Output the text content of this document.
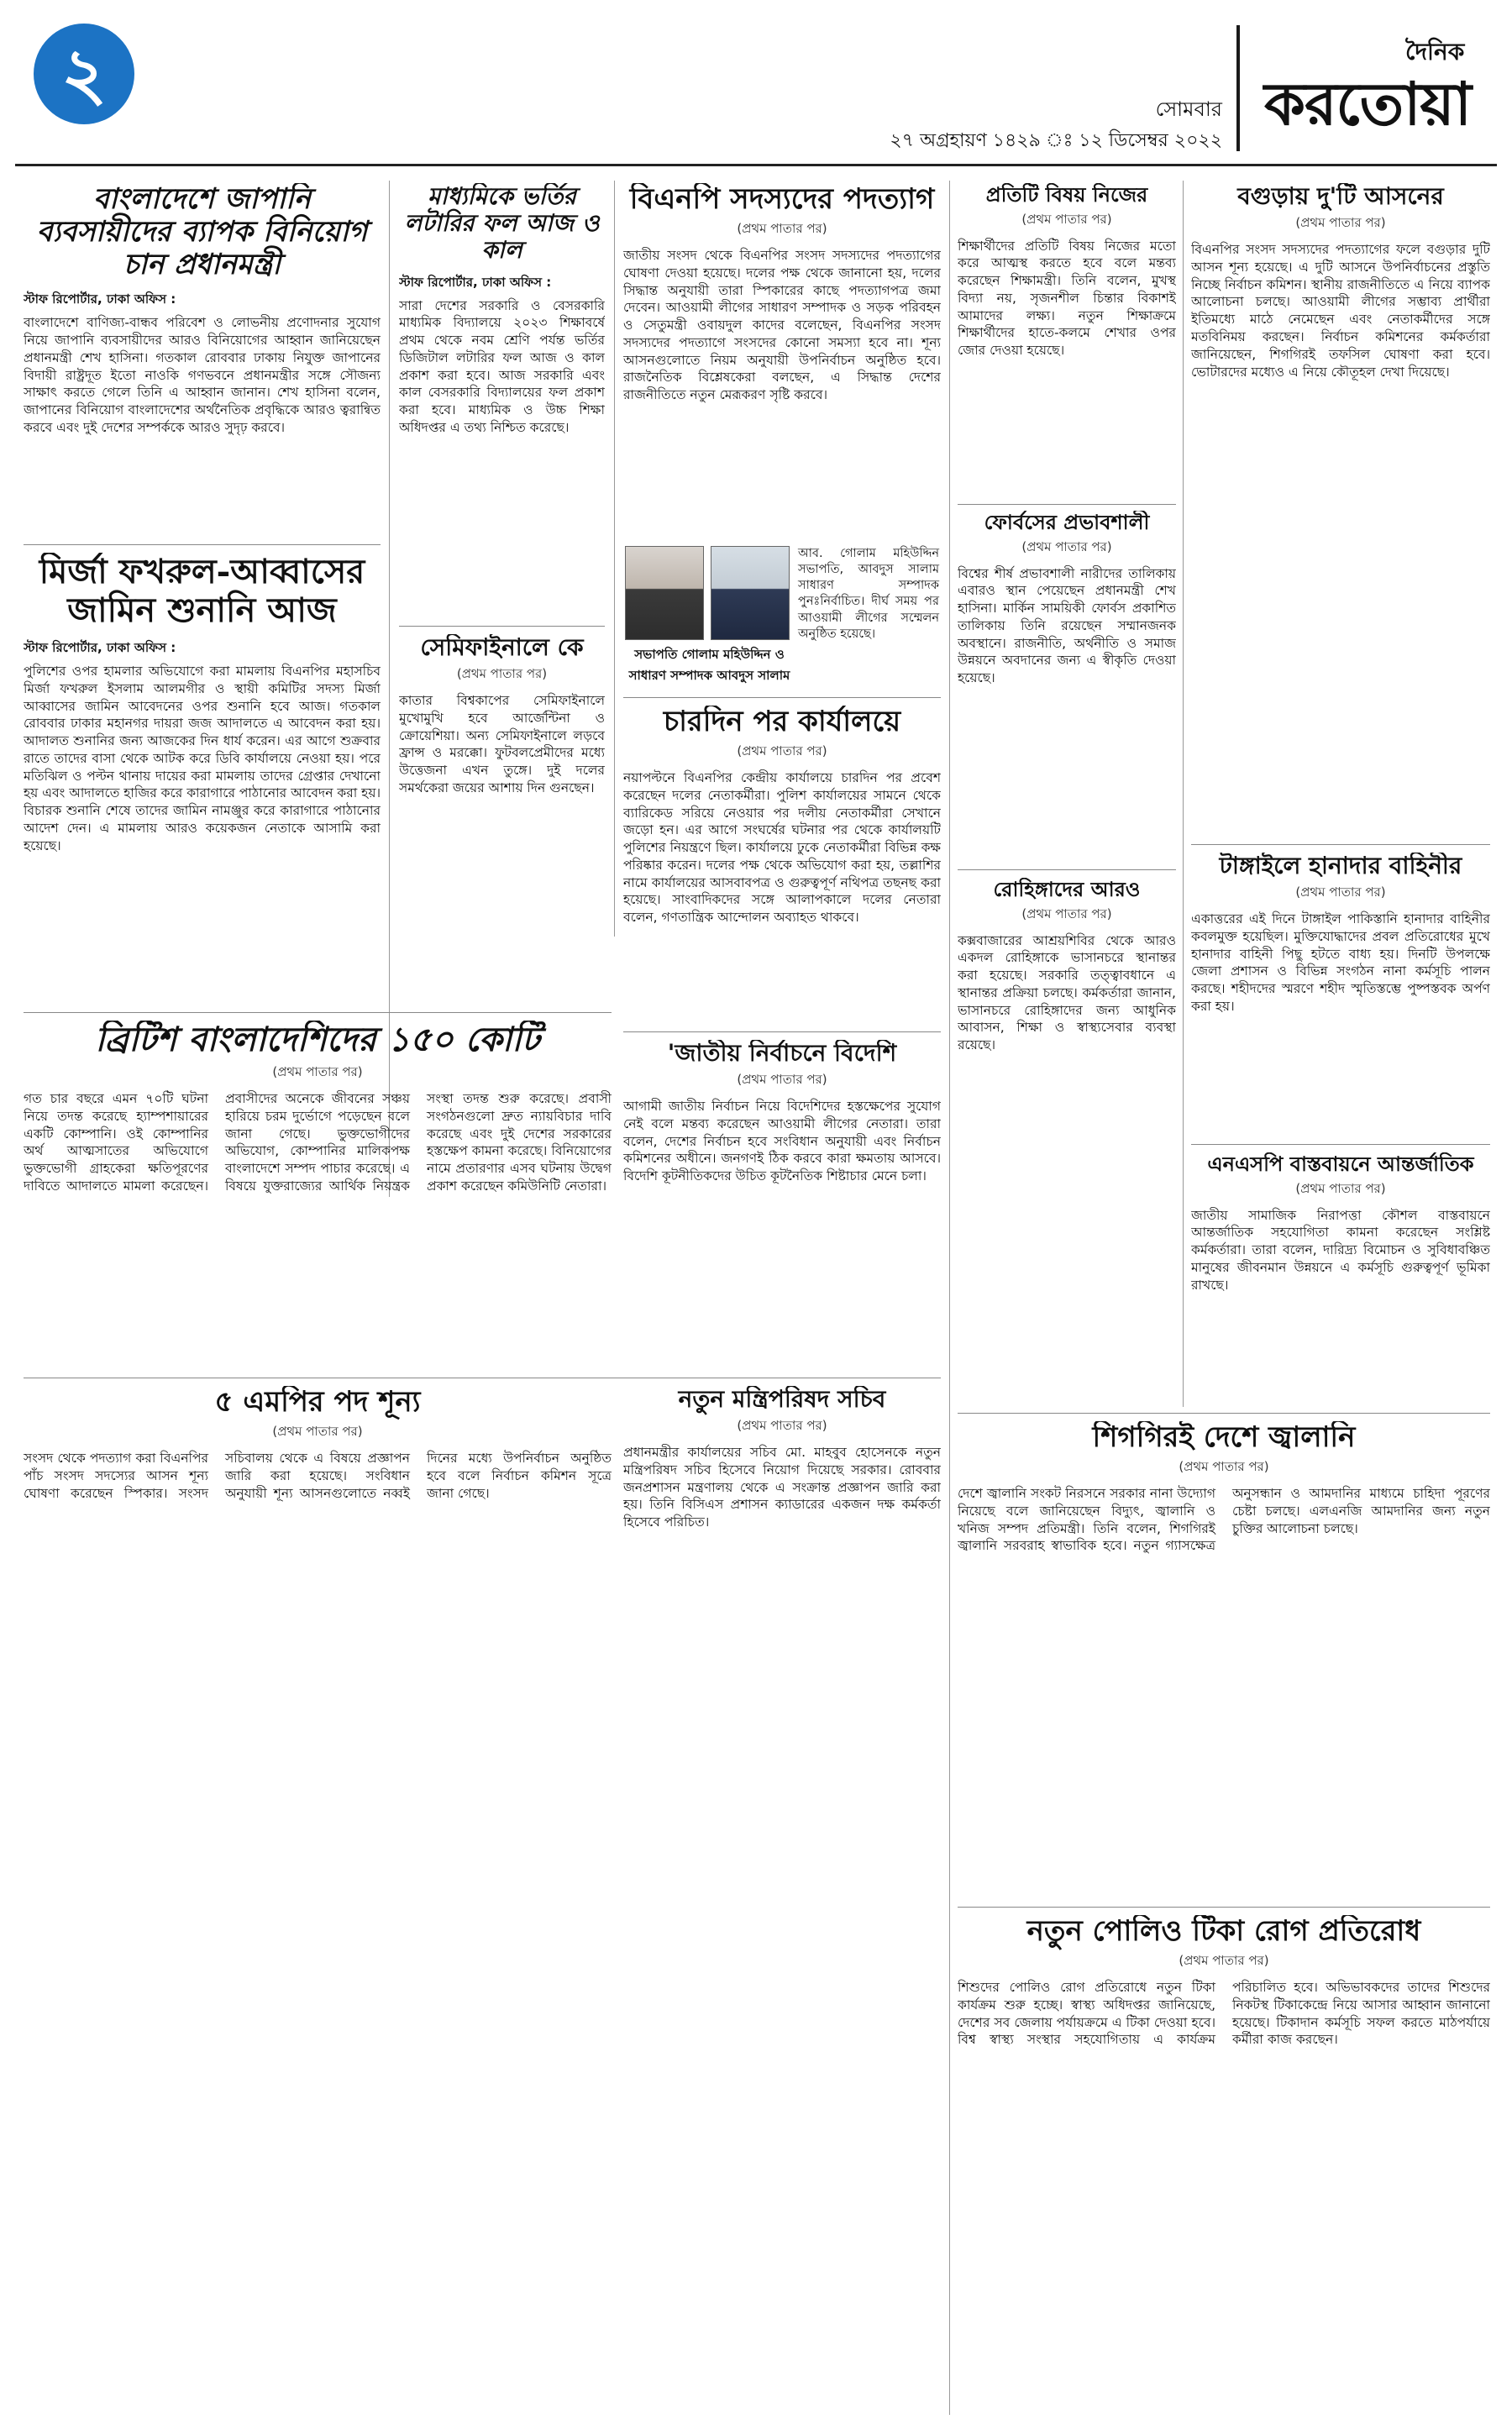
২	সোমবার
২৭ অগ্রহায়ণ ১৪২৯ ঃ ১২ ডিসেম্বর ২০২২
দৈনিক
করতোয়া
বাংলাদেশে জাপানি ব্যবসায়ীদের ব্যাপক বিনিয়োগ চান প্রধানমন্ত্রী
স্টাফ রিপোর্টার, ঢাকা অফিস :
বাংলাদেশে বাণিজ্য-বান্ধব পরিবেশ ও লোভনীয় প্রণোদনার সুযোগ নিয়ে জাপানি ব্যবসায়ীদের আরও বিনিয়োগের আহ্বান জানিয়েছেন প্রধানমন্ত্রী শেখ হাসিনা। গতকাল রোববার ঢাকায় নিযুক্ত জাপানের বিদায়ী রাষ্ট্রদূত ইতো নাওকি গণভবনে প্রধানমন্ত্রীর সঙ্গে সৌজন্য সাক্ষাৎ করতে গেলে তিনি এ আহ্বান জানান। শেখ হাসিনা বলেন, জাপানের বিনিয়োগ বাংলাদেশের অর্থনৈতিক প্রবৃদ্ধিকে আরও ত্বরান্বিত করবে এবং দুই দেশের সম্পর্ককে আরও সুদৃঢ় করবে।
মির্জা ফখরুল-আব্বাসের জামিন শুনানি আজ
স্টাফ রিপোর্টার, ঢাকা অফিস :
পুলিশের ওপর হামলার অভিযোগে করা মামলায় বিএনপির মহাসচিব মির্জা ফখরুল ইসলাম আলমগীর ও স্থায়ী কমিটির সদস্য মির্জা আব্বাসের জামিন আবেদনের ওপর শুনানি হবে আজ। গতকাল রোববার ঢাকার মহানগর দায়রা জজ আদালতে এ আবেদন করা হয়। আদালত শুনানির জন্য আজকের দিন ধার্য করেন। এর আগে শুক্রবার রাতে তাদের বাসা থেকে আটক করে ডিবি কার্যালয়ে নেওয়া হয়। পরে মতিঝিল ও পল্টন থানায় দায়ের করা মামলায় তাদের গ্রেপ্তার দেখানো হয় এবং আদালতে হাজির করে কারাগারে পাঠানোর আবেদন করা হয়। বিচারক শুনানি শেষে তাদের জামিন নামঞ্জুর করে কারাগারে পাঠানোর আদেশ দেন। এ মামলায় আরও কয়েকজন নেতাকে আসামি করা হয়েছে।
মাধ্যমিকে ভর্তির লটারির ফল আজ ও কাল
স্টাফ রিপোর্টার, ঢাকা অফিস :
সারা দেশের সরকারি ও বেসরকারি মাধ্যমিক বিদ্যালয়ে ২০২৩ শিক্ষাবর্ষে প্রথম থেকে নবম শ্রেণি পর্যন্ত ভর্তির ডিজিটাল লটারির ফল আজ ও কাল প্রকাশ করা হবে। আজ সরকারি এবং কাল বেসরকারি বিদ্যালয়ের ফল প্রকাশ করা হবে। মাধ্যমিক ও উচ্চ শিক্ষা অধিদপ্তর এ তথ্য নিশ্চিত করেছে।
সেমিফাইনালে কে
(প্রথম পাতার পর)
কাতার বিশ্বকাপের সেমিফাইনালে মুখোমুখি হবে আর্জেন্টিনা ও ক্রোয়েশিয়া। অন্য সেমিফাইনালে লড়বে ফ্রান্স ও মরক্কো। ফুটবলপ্রেমীদের মধ্যে উত্তেজনা এখন তুঙ্গে। দুই দলের সমর্থকেরা জয়ের আশায় দিন গুনছেন।
ব্রিটিশ বাংলাদেশিদের ১৫০ কোটি
(প্রথম পাতার পর)
গত চার বছরে এমন ৭০টি ঘটনা নিয়ে তদন্ত করেছে হ্যাম্পশায়ারের একটি কোম্পানি। ওই কোম্পানির অর্থ আত্মসাতের অভিযোগে ভুক্তভোগী গ্রাহকেরা ক্ষতিপূরণের দাবিতে আদালতে মামলা করেছেন। প্রবাসীদের অনেকে জীবনের সঞ্চয় হারিয়ে চরম দুর্ভোগে পড়েছেন বলে জানা গেছে। ভুক্তভোগীদের অভিযোগ, কোম্পানির মালিকপক্ষ বাংলাদেশে সম্পদ পাচার করেছে। এ বিষয়ে যুক্তরাজ্যের আর্থিক নিয়ন্ত্রক সংস্থা তদন্ত শুরু করেছে। প্রবাসী সংগঠনগুলো দ্রুত ন্যায়বিচার দাবি করেছে এবং দুই দেশের সরকারের হস্তক্ষেপ কামনা করেছে। বিনিয়োগের নামে প্রতারণার এসব ঘটনায় উদ্বেগ প্রকাশ করেছেন কমিউনিটি নেতারা।
৫ এমপির পদ শূন্য
(প্রথম পাতার পর)
সংসদ থেকে পদত্যাগ করা বিএনপির পাঁচ সংসদ সদস্যের আসন শূন্য ঘোষণা করেছেন স্পিকার। সংসদ সচিবালয় থেকে এ বিষয়ে প্রজ্ঞাপন জারি করা হয়েছে। সংবিধান অনুযায়ী শূন্য আসনগুলোতে নব্বই দিনের মধ্যে উপনির্বাচন অনুষ্ঠিত হবে বলে নির্বাচন কমিশন সূত্রে জানা গেছে।
বিএনপি সদস্যদের পদত্যাগ
(প্রথম পাতার পর)
জাতীয় সংসদ থেকে বিএনপির সংসদ সদস্যদের পদত্যাগের ঘোষণা দেওয়া হয়েছে। দলের পক্ষ থেকে জানানো হয়, দলের সিদ্ধান্ত অনুযায়ী তারা স্পিকারের কাছে পদত্যাগপত্র জমা দেবেন। আওয়ামী লীগের সাধারণ সম্পাদক ও সড়ক পরিবহন ও সেতুমন্ত্রী ওবায়দুল কাদের বলেছেন, বিএনপির সংসদ সদস্যদের পদত্যাগে সংসদের কোনো সমস্যা হবে না। শূন্য আসনগুলোতে নিয়ম অনুযায়ী উপনির্বাচন অনুষ্ঠিত হবে। রাজনৈতিক বিশ্লেষকেরা বলছেন, এ সিদ্ধান্ত দেশের রাজনীতিতে নতুন মেরূকরণ সৃষ্টি করবে।
আব. গোলাম মহিউদ্দিন সভাপতি, আবদুস সালাম সাধারণ সম্পাদক পুনঃনির্বাচিত। দীর্ঘ সময় পর আওয়ামী লীগের সম্মেলন অনুষ্ঠিত হয়েছে।
সভাপতি গোলাম মহিউদ্দিন ও সাধারণ সম্পাদক আবদুস সালাম
চারদিন পর কার্যালয়ে
(প্রথম পাতার পর)
নয়াপল্টনে বিএনপির কেন্দ্রীয় কার্যালয়ে চারদিন পর প্রবেশ করেছেন দলের নেতাকর্মীরা। পুলিশ কার্যালয়ের সামনে থেকে ব্যারিকেড সরিয়ে নেওয়ার পর দলীয় নেতাকর্মীরা সেখানে জড়ো হন। এর আগে সংঘর্ষের ঘটনার পর থেকে কার্যালয়টি পুলিশের নিয়ন্ত্রণে ছিল। কার্যালয়ে ঢুকে নেতাকর্মীরা বিভিন্ন কক্ষ পরিষ্কার করেন। দলের পক্ষ থেকে অভিযোগ করা হয়, তল্লাশির নামে কার্যালয়ের আসবাবপত্র ও গুরুত্বপূর্ণ নথিপত্র তছনছ করা হয়েছে। সাংবাদিকদের সঙ্গে আলাপকালে দলের নেতারা বলেন, গণতান্ত্রিক আন্দোলন অব্যাহত থাকবে।
'জাতীয় নির্বাচনে বিদেশি
(প্রথম পাতার পর)
আগামী জাতীয় নির্বাচন নিয়ে বিদেশিদের হস্তক্ষেপের সুযোগ নেই বলে মন্তব্য করেছেন আওয়ামী লীগের নেতারা। তারা বলেন, দেশের নির্বাচন হবে সংবিধান অনুযায়ী এবং নির্বাচন কমিশনের অধীনে। জনগণই ঠিক করবে কারা ক্ষমতায় আসবে। বিদেশি কূটনীতিকদের উচিত কূটনৈতিক শিষ্টাচার মেনে চলা।
নতুন মন্ত্রিপরিষদ সচিব
(প্রথম পাতার পর)
প্রধানমন্ত্রীর কার্যালয়ের সচিব মো. মাহবুব হোসেনকে নতুন মন্ত্রিপরিষদ সচিব হিসেবে নিয়োগ দিয়েছে সরকার। রোববার জনপ্রশাসন মন্ত্রণালয় থেকে এ সংক্রান্ত প্রজ্ঞাপন জারি করা হয়। তিনি বিসিএস প্রশাসন ক্যাডারের একজন দক্ষ কর্মকর্তা হিসেবে পরিচিত।
প্রতিটি বিষয় নিজের
(প্রথম পাতার পর)
শিক্ষার্থীদের প্রতিটি বিষয় নিজের মতো করে আত্মস্থ করতে হবে বলে মন্তব্য করেছেন শিক্ষামন্ত্রী। তিনি বলেন, মুখস্থ বিদ্যা নয়, সৃজনশীল চিন্তার বিকাশই আমাদের লক্ষ্য। নতুন শিক্ষাক্রমে শিক্ষার্থীদের হাতে-কলমে শেখার ওপর জোর দেওয়া হয়েছে।
ফোর্বসের প্রভাবশালী
(প্রথম পাতার পর)
বিশ্বের শীর্ষ প্রভাবশালী নারীদের তালিকায় এবারও স্থান পেয়েছেন প্রধানমন্ত্রী শেখ হাসিনা। মার্কিন সাময়িকী ফোর্বস প্রকাশিত তালিকায় তিনি রয়েছেন সম্মানজনক অবস্থানে। রাজনীতি, অর্থনীতি ও সমাজ উন্নয়নে অবদানের জন্য এ স্বীকৃতি দেওয়া হয়েছে।
রোহিঙ্গাদের আরও
(প্রথম পাতার পর)
কক্সবাজারের আশ্রয়শিবির থেকে আরও একদল রোহিঙ্গাকে ভাসানচরে স্থানান্তর করা হয়েছে। সরকারি তত্ত্বাবধানে এ স্থানান্তর প্রক্রিয়া চলছে। কর্মকর্তারা জানান, ভাসানচরে রোহিঙ্গাদের জন্য আধুনিক আবাসন, শিক্ষা ও স্বাস্থ্যসেবার ব্যবস্থা রয়েছে।
বগুড়ায় দু'টি আসনের
(প্রথম পাতার পর)
বিএনপির সংসদ সদস্যদের পদত্যাগের ফলে বগুড়ার দুটি আসন শূন্য হয়েছে। এ দুটি আসনে উপনির্বাচনের প্রস্তুতি নিচ্ছে নির্বাচন কমিশন। স্থানীয় রাজনীতিতে এ নিয়ে ব্যাপক আলোচনা চলছে। আওয়ামী লীগের সম্ভাব্য প্রার্থীরা ইতিমধ্যে মাঠে নেমেছেন এবং নেতাকর্মীদের সঙ্গে মতবিনিময় করছেন। নির্বাচন কমিশনের কর্মকর্তারা জানিয়েছেন, শিগগিরই তফসিল ঘোষণা করা হবে। ভোটারদের মধ্যেও এ নিয়ে কৌতূহল দেখা দিয়েছে।
টাঙ্গাইলে হানাদার বাহিনীর
(প্রথম পাতার পর)
একাত্তরের এই দিনে টাঙ্গাইল পাকিস্তানি হানাদার বাহিনীর কবলমুক্ত হয়েছিল। মুক্তিযোদ্ধাদের প্রবল প্রতিরোধের মুখে হানাদার বাহিনী পিছু হটতে বাধ্য হয়। দিনটি উপলক্ষে জেলা প্রশাসন ও বিভিন্ন সংগঠন নানা কর্মসূচি পালন করছে। শহীদদের স্মরণে শহীদ স্মৃতিস্তম্ভে পুষ্পস্তবক অর্পণ করা হয়।
এনএসপি বাস্তবায়নে আন্তর্জাতিক
(প্রথম পাতার পর)
জাতীয় সামাজিক নিরাপত্তা কৌশল বাস্তবায়নে আন্তর্জাতিক সহযোগিতা কামনা করেছেন সংশ্লিষ্ট কর্মকর্তারা। তারা বলেন, দারিদ্র্য বিমোচন ও সুবিধাবঞ্চিত মানুষের জীবনমান উন্নয়নে এ কর্মসূচি গুরুত্বপূর্ণ ভূমিকা রাখছে।
শিগগিরই দেশে জ্বালানি
(প্রথম পাতার পর)
দেশে জ্বালানি সংকট নিরসনে সরকার নানা উদ্যোগ নিয়েছে বলে জানিয়েছেন বিদ্যুৎ, জ্বালানি ও খনিজ সম্পদ প্রতিমন্ত্রী। তিনি বলেন, শিগগিরই জ্বালানি সরবরাহ স্বাভাবিক হবে। নতুন গ্যাসক্ষেত্র অনুসন্ধান ও আমদানির মাধ্যমে চাহিদা পূরণের চেষ্টা চলছে। এলএনজি আমদানির জন্য নতুন চুক্তির আলোচনা চলছে।
নতুন পোলিও টিকা রোগ প্রতিরোধ
(প্রথম পাতার পর)
শিশুদের পোলিও রোগ প্রতিরোধে নতুন টিকা কার্যক্রম শুরু হচ্ছে। স্বাস্থ্য অধিদপ্তর জানিয়েছে, দেশের সব জেলায় পর্যায়ক্রমে এ টিকা দেওয়া হবে। বিশ্ব স্বাস্থ্য সংস্থার সহযোগিতায় এ কার্যক্রম পরিচালিত হবে। অভিভাবকদের তাদের শিশুদের নিকটস্থ টিকাকেন্দ্রে নিয়ে আসার আহ্বান জানানো হয়েছে। টিকাদান কর্মসূচি সফল করতে মাঠপর্যায়ে কর্মীরা কাজ করছেন।
